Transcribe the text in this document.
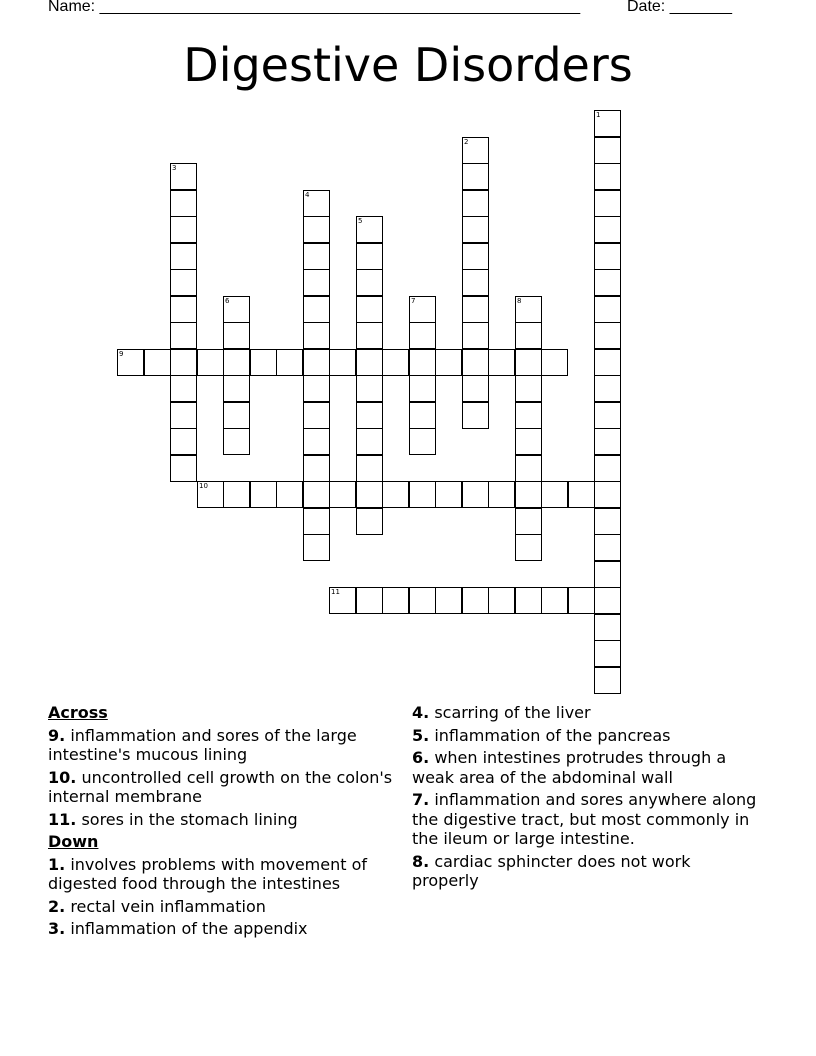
Name: ______________________________________________________	Date: _______
Digestive Disorders
1
2
3
4
5
6	7	8
9
10
11
Across
9. inflammation and sores of the large intestine's mucous lining
10. uncontrolled cell growth on the colon's internal membrane
11. sores in the stomach lining
Down
1. involves problems with movement of digested food through the intestines
2. rectal vein inflammation
3. inflammation of the appendix
4. scarring of the liver
5. inflammation of the pancreas
6. when intestines protrudes through a weak area of the abdominal wall
7. inflammation and sores anywhere along the digestive tract, but most commonly in the ileum or large intestine.
8. cardiac sphincter does not work properly
